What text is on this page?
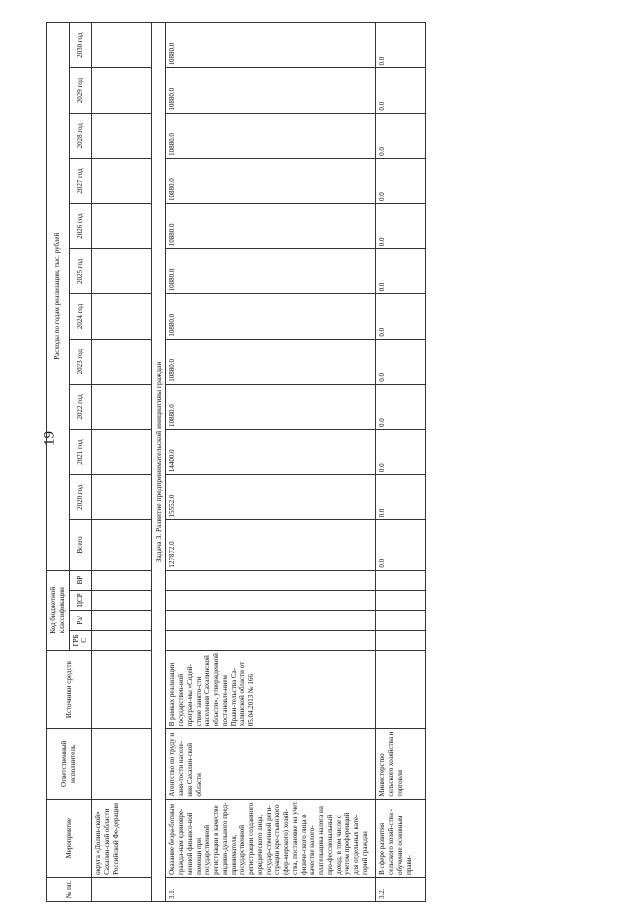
19
№ пп.	Мероприятие	Ответственный исполнитель	Источники средств	Код бюджетной классификации				Расходы по годам реализации, тыс. рублей											
				ГРБС	Рз/	ЦСР	ВР	Всего	2020 год	2021 год	2022 год	2023 год	2024 год	2025 год	2026 год	2027 год	2028 год	2029 год	2030 год
	округа «Долин-ской» Сахалин-ской области Российской Фе-дерации																		
Задача 3. Развитие предпринимательской инициативы граждан																			
3.1.	Оказание безра-ботным гражда-нам единовре-менной финансо-вой помощи при государственной регистрации в качестве индиви-дуального пред-принимателя, государственной регистрации созданного юридического лица, государ-ственной реги-страции кре-стьянского (фер-мерского) хозяй-ства, постановке на учет физиче-ского лица в качестве налого-плательщика налога на про-фессиональный доход, в том числе с учетом преференций для отдельных кате-горий граждан	Агентство по труду и заня-тости населе-ния Сахалин-ской области	В рамках реализации государствен-ной програм-мы «Содей-ствие занято-сти населения Сахалинской области», утвержденной постановле-нием Прави-тельства Са-халинской области от 05.04.2013 № 166					127872.0	15552.0	14400.0	10880.0	10880.0	10880.0	10880.0	10880.0	10880.0	10880.0	10880.0	10880.0
3.2.	В сфере развития сельского хозяй-ства - обучение основным прави-	Министерство сельского хозяйства и торговли						0.0	0.0	0.0	0.0	0.0	0.0	0.0	0.0	0.0	0.0	0.0	0.0
